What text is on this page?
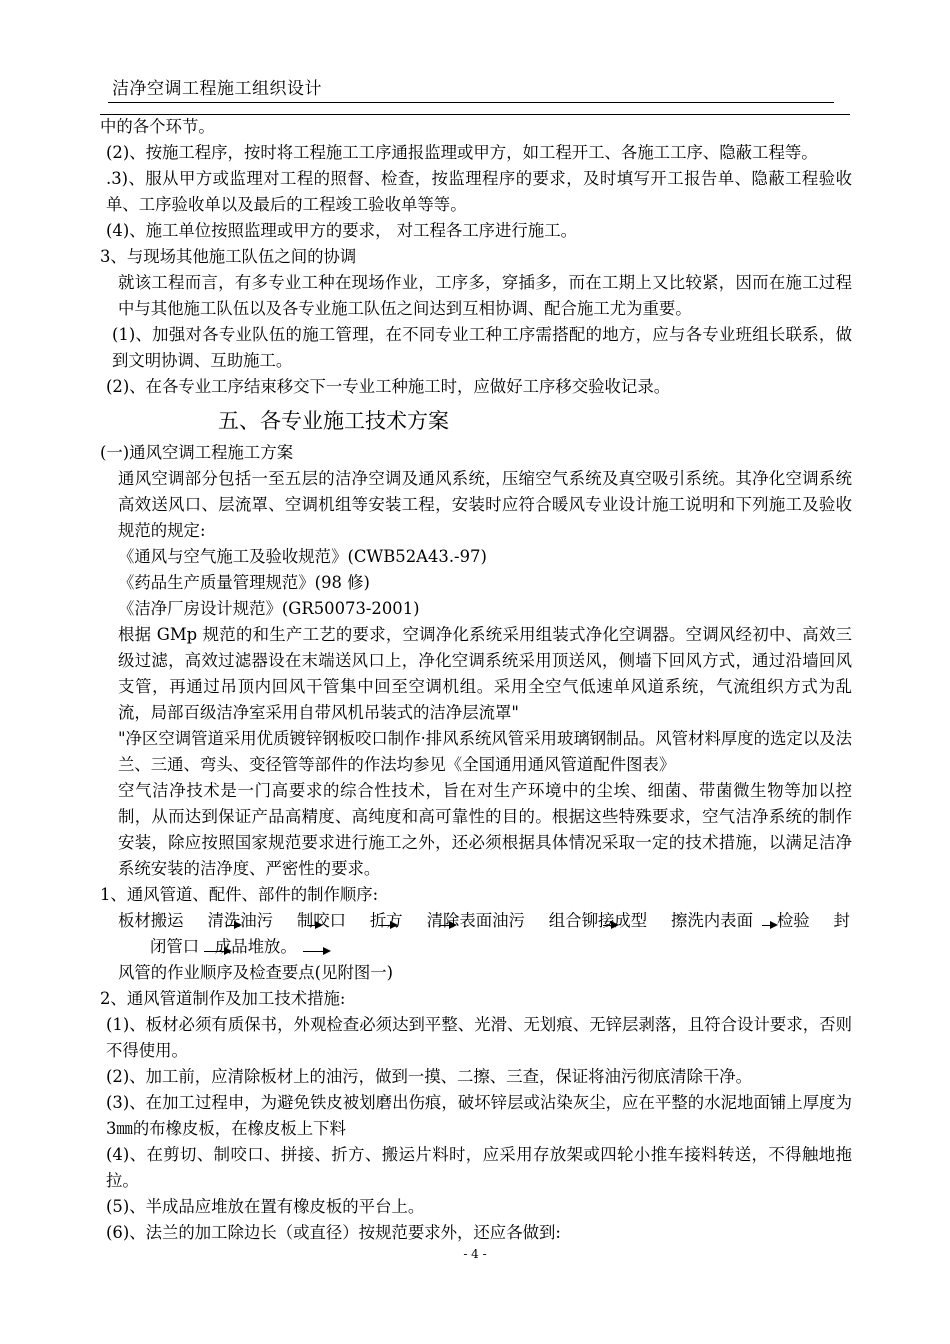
洁净空调工程施工组织设计

中的各个环节。

(2)、按施工程序，按时将工程施工工序通报监理或甲方，如工程开工、各施工工序、隐蔽工程等。

.3)、服从甲方或监理对工程的照督、检查，按监理程序的要求，及时填写开工报告单、隐蔽工程验收单、工序验收单以及最后的工程竣工验收单等等。

(4)、施工单位按照监理或甲方的要求， 对工程各工序进行施工。

3、与现场其他施工队伍之间的协调

就该工程而言，有多专业工种在现场作业，工序多，穿插多，而在工期上又比较紧，因而在施工过程中与其他施工队伍以及各专业施工队伍之间达到互相协调、配合施工尤为重要。

(1)、加强对各专业队伍的施工管理，在不同专业工种工序需搭配的地方，应与各专业班组长联系，做到文明协调、互助施工。

(2)、在各专业工序结束移交下一专业工种施工时，应做好工序移交验收记录。

五、各专业施工技术方案

(一)通风空调工程施工方案

通风空调部分包括一至五层的洁净空调及通风系统，压缩空气系统及真空吸引系统。其净化空调系统高效送风口、层流罩、空调机组等安装工程，安装时应符合暖风专业设计施工说明和下列施工及验收规范的规定:

《通风与空气施工及验收规范》(CWB52A43.-97)

《药品生产质量管理规范》(98 修)

《洁净厂房设计规范》(GR50073-2001)

根据 GMp 规范的和生产工艺的要求，空调净化系统采用组装式净化空调器。空调风经初中、高效三级过滤，高效过滤器设在末端送风口上，净化空调系统采用顶送风，侧墙下回风方式，通过沿墙回风支管，再通过吊顶内回风干管集中回至空调机组。采用全空气低速单风道系统，气流组织方式为乱流，局部百级洁净室采用自带风机吊装式的洁净层流罩"

"净区空调管道采用优质镀锌钢板咬口制作·排风系统风管采用玻璃钢制品。风管材料厚度的选定以及法兰、三通、弯头、变径管等部件的作法均参见《全国通用通风管道配件图表》

空气洁净技术是一门高要求的综合性技术，旨在对生产环境中的尘埃、细菌、带菌微生物等加以控制，从而达到保证产品高精度、高纯度和高可靠性的目的。根据这些特殊要求，空气洁净系统的制作安装，除应按照国家规范要求进行施工之外，还必须根据具体情况采取一定的技术措施，以满足洁净系统安装的洁净度、严密性的要求。

1、通风管道、配件、部件的制作顺序:

板材搬运 清洗油污 制咬口 折方 清除表面油污 组合铆接成型 擦洗内表面 检验 封
闭管口 成品堆放。

风管的作业顺序及检查要点(见附图一)

2、通风管道制作及加工技术措施:

(1)、板材必须有质保书，外观检查必须达到平整、光滑、无划痕、无锌层剥落，且符合设计要求，否则不得使用。

(2)、加工前，应清除板材上的油污，做到一摸、二擦、三查，保证将油污彻底清除干净。

(3)、在加工过程申，为避免铁皮被划磨出伤痕，破坏锌层或沾染灰尘，应在平整的水泥地面铺上厚度为 3㎜的布橡皮板，在橡皮板上下料

(4)、在剪切、制咬口、拼接、折方、搬运片料时，应采用存放架或四轮小推车接料转送，不得触地拖拉。

(5)、半成品应堆放在置有橡皮板的平台上。

(6)、法兰的加工除边长（或直径）按规范要求外，还应各做到:

- 4 -
